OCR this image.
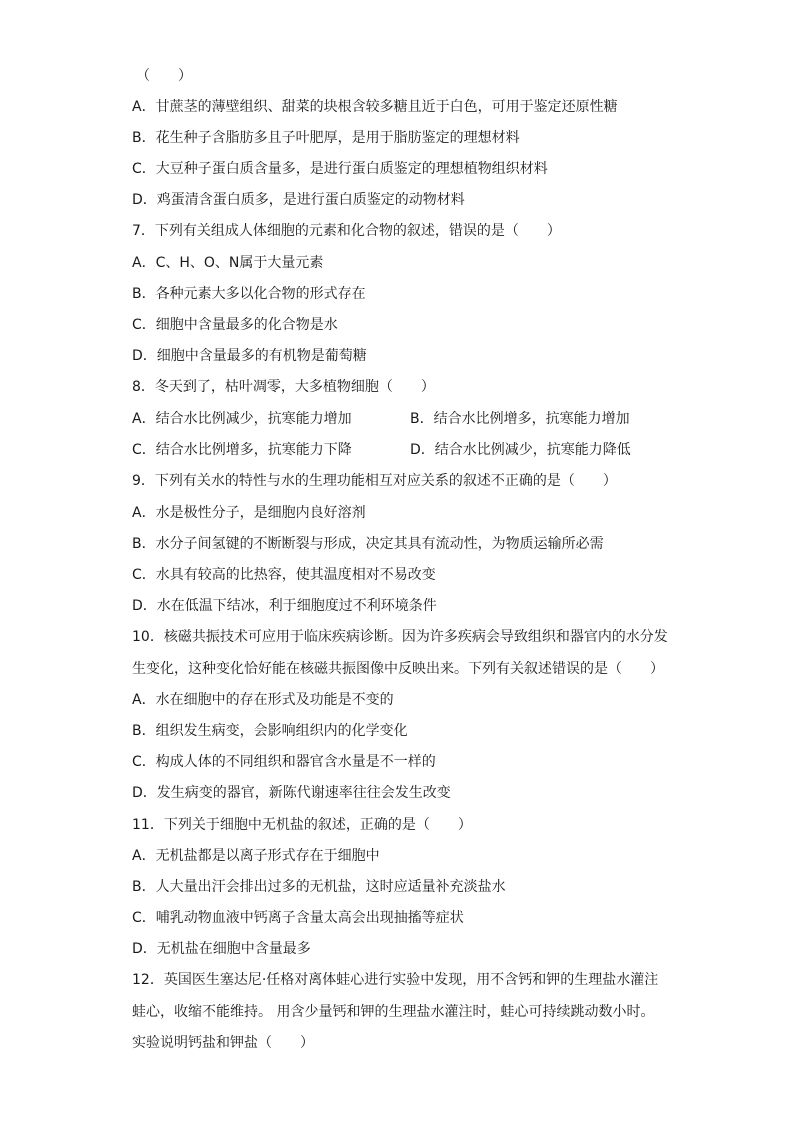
（　　）
A．甘蔗茎的薄壁组织、甜菜的块根含较多糖且近于白色，可用于鉴定还原性糖
B．花生种子含脂肪多且子叶肥厚，是用于脂肪鉴定的理想材料
C．大豆种子蛋白质含量多，是进行蛋白质鉴定的理想植物组织材料
D．鸡蛋清含蛋白质多，是进行蛋白质鉴定的动物材料
7．下列有关组成人体细胞的元素和化合物的叙述，错误的是（　　）
A．C、H、O、N属于大量元素
B．各种元素大多以化合物的形式存在
C．细胞中含量最多的化合物是水
D．细胞中含量最多的有机物是葡萄糖
8．冬天到了，枯叶凋零，大多植物细胞（　　）
A．结合水比例减少，抗寒能力增加	B．结合水比例增多，抗寒能力增加
C．结合水比例增多，抗寒能力下降	D．结合水比例减少，抗寒能力降低
9．下列有关水的特性与水的生理功能相互对应关系的叙述不正确的是（　　）
A．水是极性分子，是细胞内良好溶剂
B．水分子间氢键的不断断裂与形成，决定其具有流动性，为物质运输所必需
C．水具有较高的比热容，使其温度相对不易改变
D．水在低温下结冰，利于细胞度过不利环境条件
10．核磁共振技术可应用于临床疾病诊断。因为许多疾病会导致组织和器官内的水分发
生变化，这种变化恰好能在核磁共振图像中反映出来。下列有关叙述错误的是（　　）
A．水在细胞中的存在形式及功能是不变的
B．组织发生病变，会影响组织内的化学变化
C．构成人体的不同组织和器官含水量是不一样的
D．发生病变的器官，新陈代谢速率往往会发生改变
11．下列关于细胞中无机盐的叙述，正确的是（　　）
A．无机盐都是以离子形式存在于细胞中
B．人大量出汗会排出过多的无机盐，这时应适量补充淡盐水
C．哺乳动物血液中钙离子含量太高会出现抽搐等症状
D．无机盐在细胞中含量最多
12．英国医生塞达尼·任格对离体蛙心进行实验中发现，用不含钙和钾的生理盐水灌注
蛙心，收缩不能维持。 用含少量钙和钾的生理盐水灌注时，蛙心可持续跳动数小时。
实验说明钙盐和钾盐（　　）
